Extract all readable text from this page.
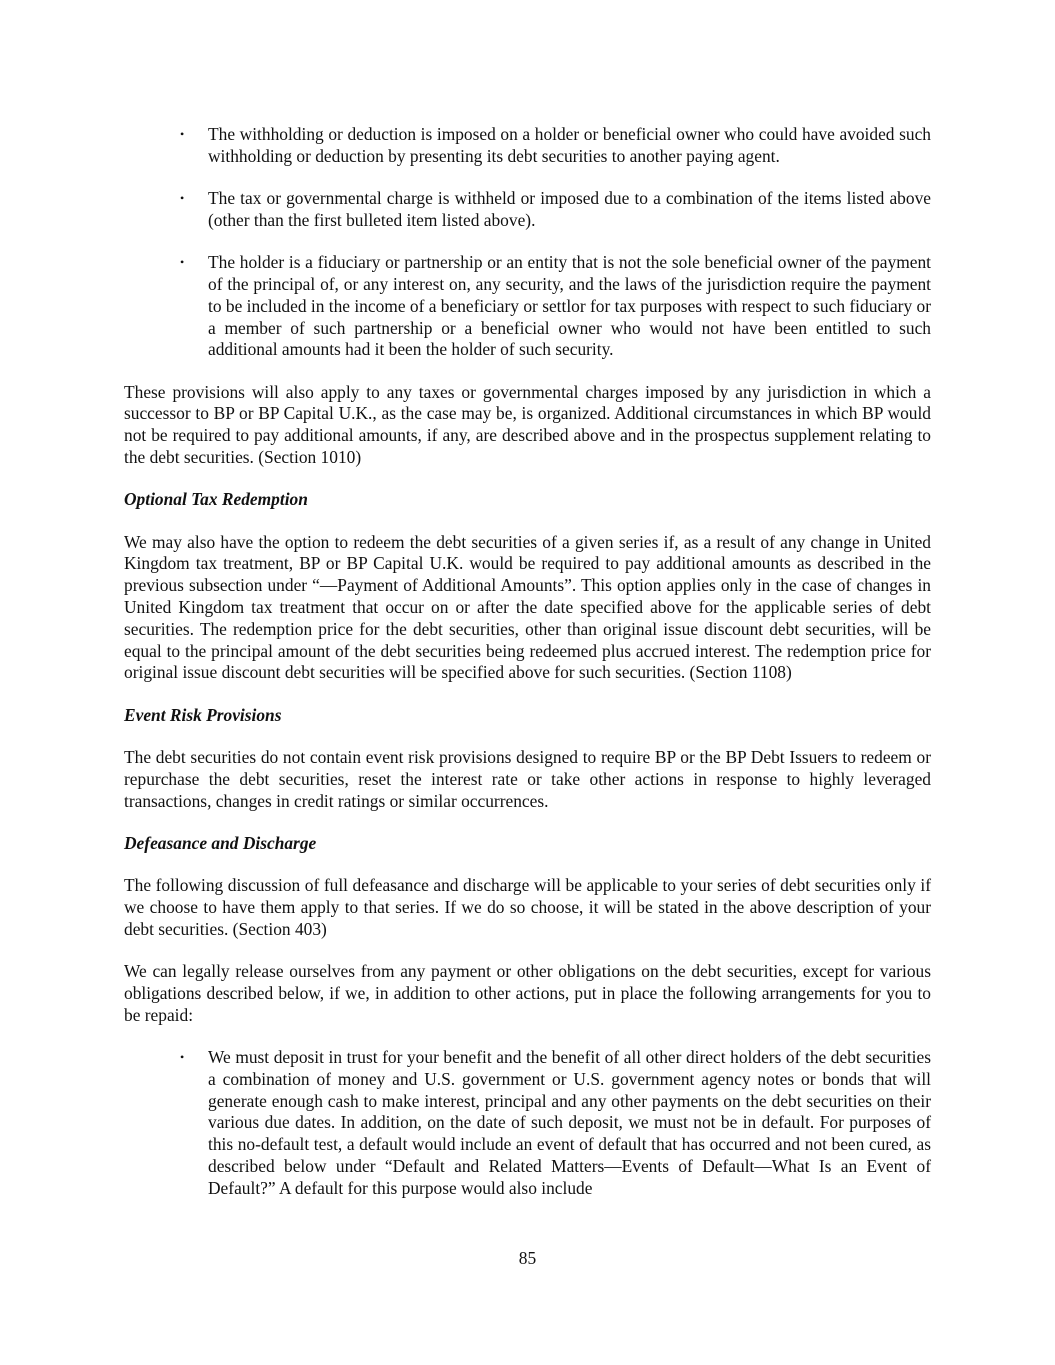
• The withholding or deduction is imposed on a holder or beneficial owner who could have avoided such withholding or deduction by presenting its debt securities to another paying agent.
• The tax or governmental charge is withheld or imposed due to a combination of the items listed above (other than the first bulleted item listed above).
• The holder is a fiduciary or partnership or an entity that is not the sole beneficial owner of the payment of the principal of, or any interest on, any security, and the laws of the jurisdiction require the payment to be included in the income of a beneficiary or settlor for tax purposes with respect to such fiduciary or a member of such partnership or a beneficial owner who would not have been entitled to such additional amounts had it been the holder of such security.

These provisions will also apply to any taxes or governmental charges imposed by any jurisdiction in which a successor to BP or BP Capital U.K., as the case may be, is organized. Additional circumstances in which BP would not be required to pay additional amounts, if any, are described above and in the prospectus supplement relating to the debt securities. (Section 1010)

Optional Tax Redemption

We may also have the option to redeem the debt securities of a given series if, as a result of any change in United Kingdom tax treatment, BP or BP Capital U.K. would be required to pay additional amounts as described in the previous subsection under “—Payment of Additional Amounts”. This option applies only in the case of changes in United Kingdom tax treatment that occur on or after the date specified above for the applicable series of debt securities. The redemption price for the debt securities, other than original issue discount debt securities, will be equal to the principal amount of the debt securities being redeemed plus accrued interest. The redemption price for original issue discount debt securities will be specified above for such securities. (Section 1108)

Event Risk Provisions

The debt securities do not contain event risk provisions designed to require BP or the BP Debt Issuers to redeem or repurchase the debt securities, reset the interest rate or take other actions in response to highly leveraged transactions, changes in credit ratings or similar occurrences.

Defeasance and Discharge

The following discussion of full defeasance and discharge will be applicable to your series of debt securities only if we choose to have them apply to that series. If we do so choose, it will be stated in the above description of your debt securities. (Section 403)

We can legally release ourselves from any payment or other obligations on the debt securities, except for various obligations described below, if we, in addition to other actions, put in place the following arrangements for you to be repaid:

• We must deposit in trust for your benefit and the benefit of all other direct holders of the debt securities a combination of money and U.S. government or U.S. government agency notes or bonds that will generate enough cash to make interest, principal and any other payments on the debt securities on their various due dates. In addition, on the date of such deposit, we must not be in default. For purposes of this no-default test, a default would include an event of default that has occurred and not been cured, as described below under “Default and Related Matters—Events of Default—What Is an Event of Default?” A default for this purpose would also include
85
